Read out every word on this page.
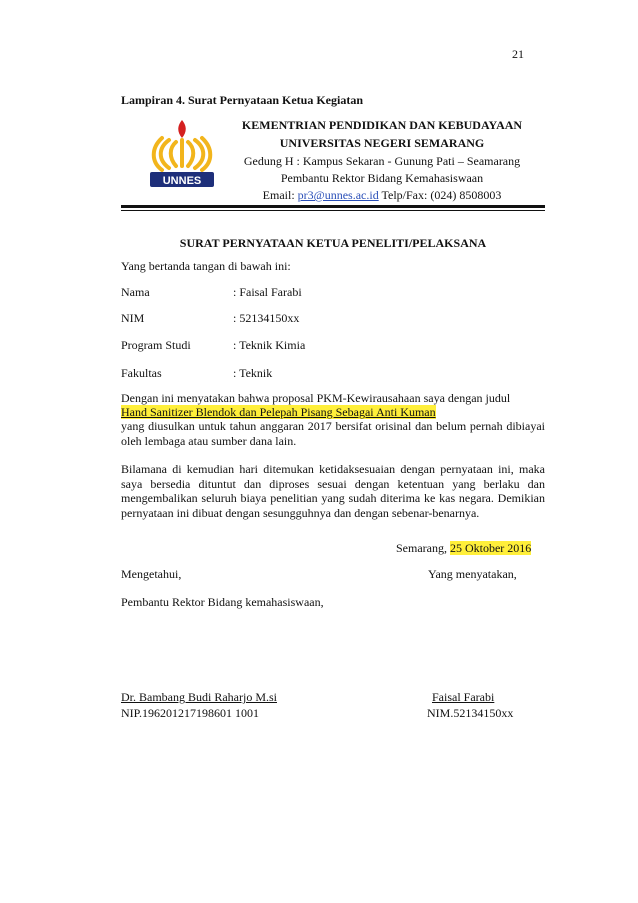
21
Lampiran 4. Surat Pernyataan Ketua Kegiatan
UNNES
KEMENTRIAN PENDIDIKAN DAN KEBUDAYAAN
UNIVERSITAS NEGERI SEMARANG
Gedung H : Kampus Sekaran - Gunung Pati – Seamarang
Pembantu Rektor Bidang Kemahasiswaan
Email: pr3@unnes.ac.id Telp/Fax: (024) 8508003
SURAT PERNYATAAN KETUA PENELITI/PELAKSANA
Yang bertanda tangan di bawah ini:
Nama	: Faisal Farabi
NIM	: 52134150xx
Program Studi	: Teknik Kimia
Fakultas	: Teknik
Dengan ini menyatakan bahwa proposal PKM-Kewirausahaan saya dengan judul
Hand Sanitizer Blendok dan Pelepah Pisang Sebagai Anti Kuman
yang diusulkan untuk tahun anggaran 2017 bersifat orisinal dan belum pernah dibiayai oleh lembaga atau sumber dana lain.
Bilamana di kemudian hari ditemukan ketidaksesuaian dengan pernyataan ini, maka saya bersedia dituntut dan diproses sesuai dengan ketentuan yang berlaku dan mengembalikan seluruh biaya penelitian yang sudah diterima ke kas negara. Demikian pernyataan ini dibuat dengan sesungguhnya dan dengan sebenar-benarnya.
Semarang, 25 Oktober 2016
Mengetahui,	Yang menyatakan,
Pembantu Rektor Bidang kemahasiswaan,
Dr. Bambang Budi Raharjo M.si	Faisal Farabi
NIP.196201217198601 1001	NIM.52134150xx
